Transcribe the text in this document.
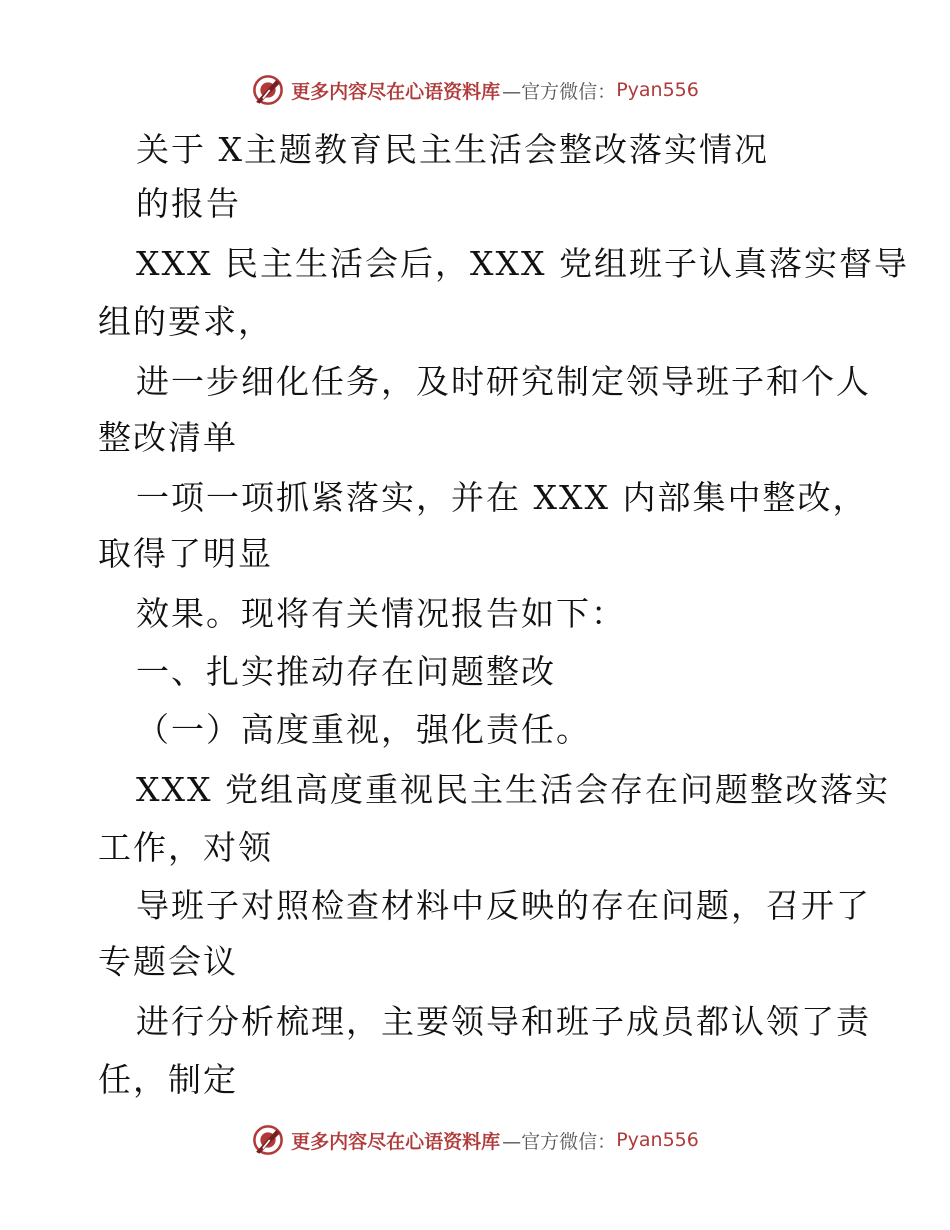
更多内容尽在心语资料库 —官方微信： Pyan556
关于 X主题教育民主生活会整改落实情况
的报告
XXX 民主生活会后，XXX 党组班子认真落实督导
组的要求，
进一步细化任务，及时研究制定领导班子和个人
整改清单
一项一项抓紧落实，并在 XXX 内部集中整改，
取得了明显
效果。现将有关情况报告如下：
一、扎实推动存在问题整改
（一）高度重视，强化责任。
XXX 党组高度重视民主生活会存在问题整改落实
工作，对领
导班子对照检查材料中反映的存在问题，召开了
专题会议
进行分析梳理，主要领导和班子成员都认领了责
任，制定
更多内容尽在心语资料库 —官方微信： Pyan556
